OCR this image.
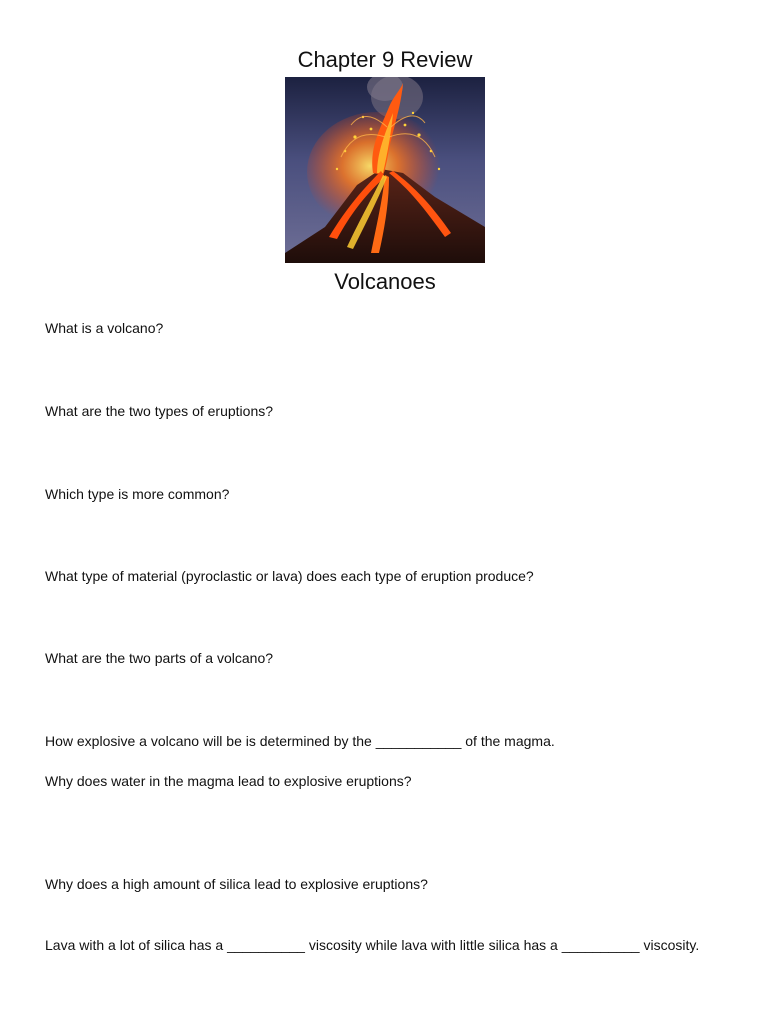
Chapter 9 Review
Volcanoes

What is a volcano?

What are the two types of eruptions?

Which type is more common?

What type of material (pyroclastic or lava) does each type of eruption produce?

What are the two parts of a volcano?

How explosive a volcano will be is determined by the ___________ of the magma.

Why does water in the magma lead to explosive eruptions?

Why does a high amount of silica lead to explosive eruptions?

Lava with a lot of silica has a __________ viscosity while lava with little silica has a __________ viscosity.
